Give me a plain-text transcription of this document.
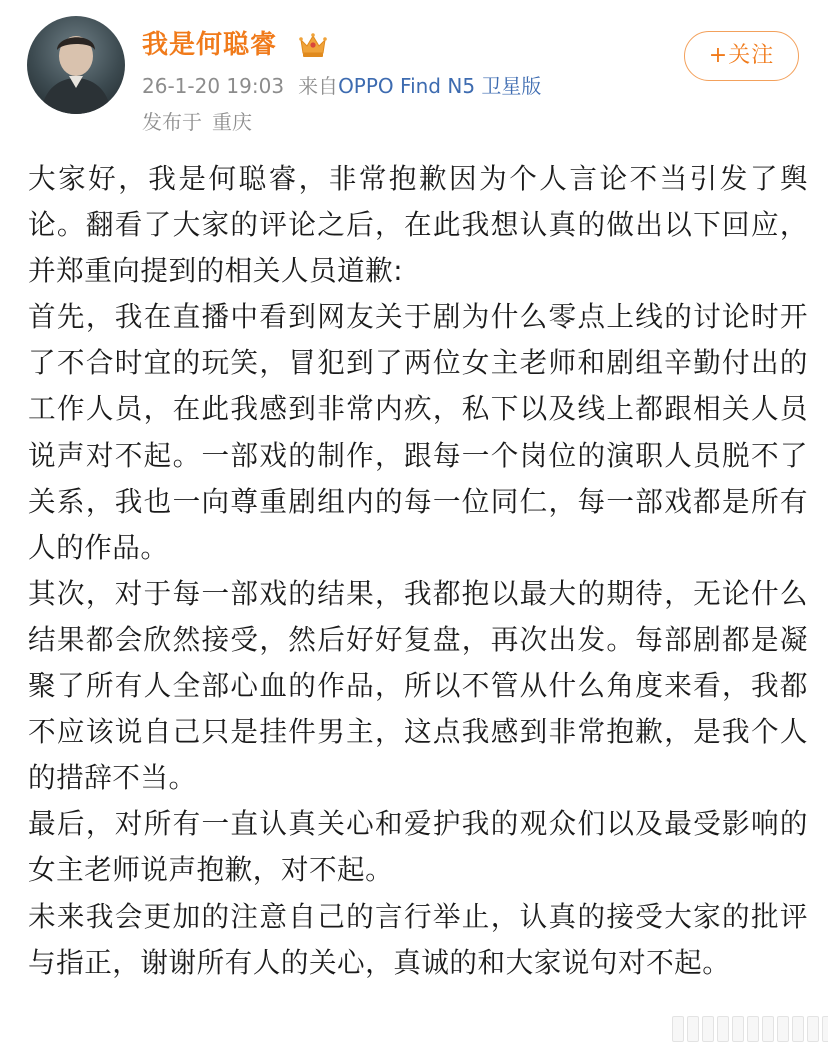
我是何聪睿
26-1-20 19:03 来自OPPO Find N5 卫星版
发布于 重庆
+关注

大家好，我是何聪睿，非常抱歉因为个人言论不当引发了舆论。翻看了大家的评论之后，在此我想认真的做出以下回应，并郑重向提到的相关人员道歉:

首先，我在直播中看到网友关于剧为什么零点上线的讨论时开了不合时宜的玩笑，冒犯到了两位女主老师和剧组辛勤付出的工作人员，在此我感到非常内疚，私下以及线上都跟相关人员说声对不起。一部戏的制作，跟每一个岗位的演职人员脱不了关系，我也一向尊重剧组内的每一位同仁，每一部戏都是所有人的作品。

其次，对于每一部戏的结果，我都抱以最大的期待，无论什么结果都会欣然接受，然后好好复盘，再次出发。每部剧都是凝聚了所有人全部心血的作品，所以不管从什么角度来看，我都不应该说自己只是挂件男主，这点我感到非常抱歉，是我个人的措辞不当。

最后，对所有一直认真关心和爱护我的观众们以及最受影响的女主老师说声抱歉，对不起。

未来我会更加的注意自己的言行举止，认真的接受大家的批评与指正，谢谢所有人的关心，真诚的和大家说句对不起。
